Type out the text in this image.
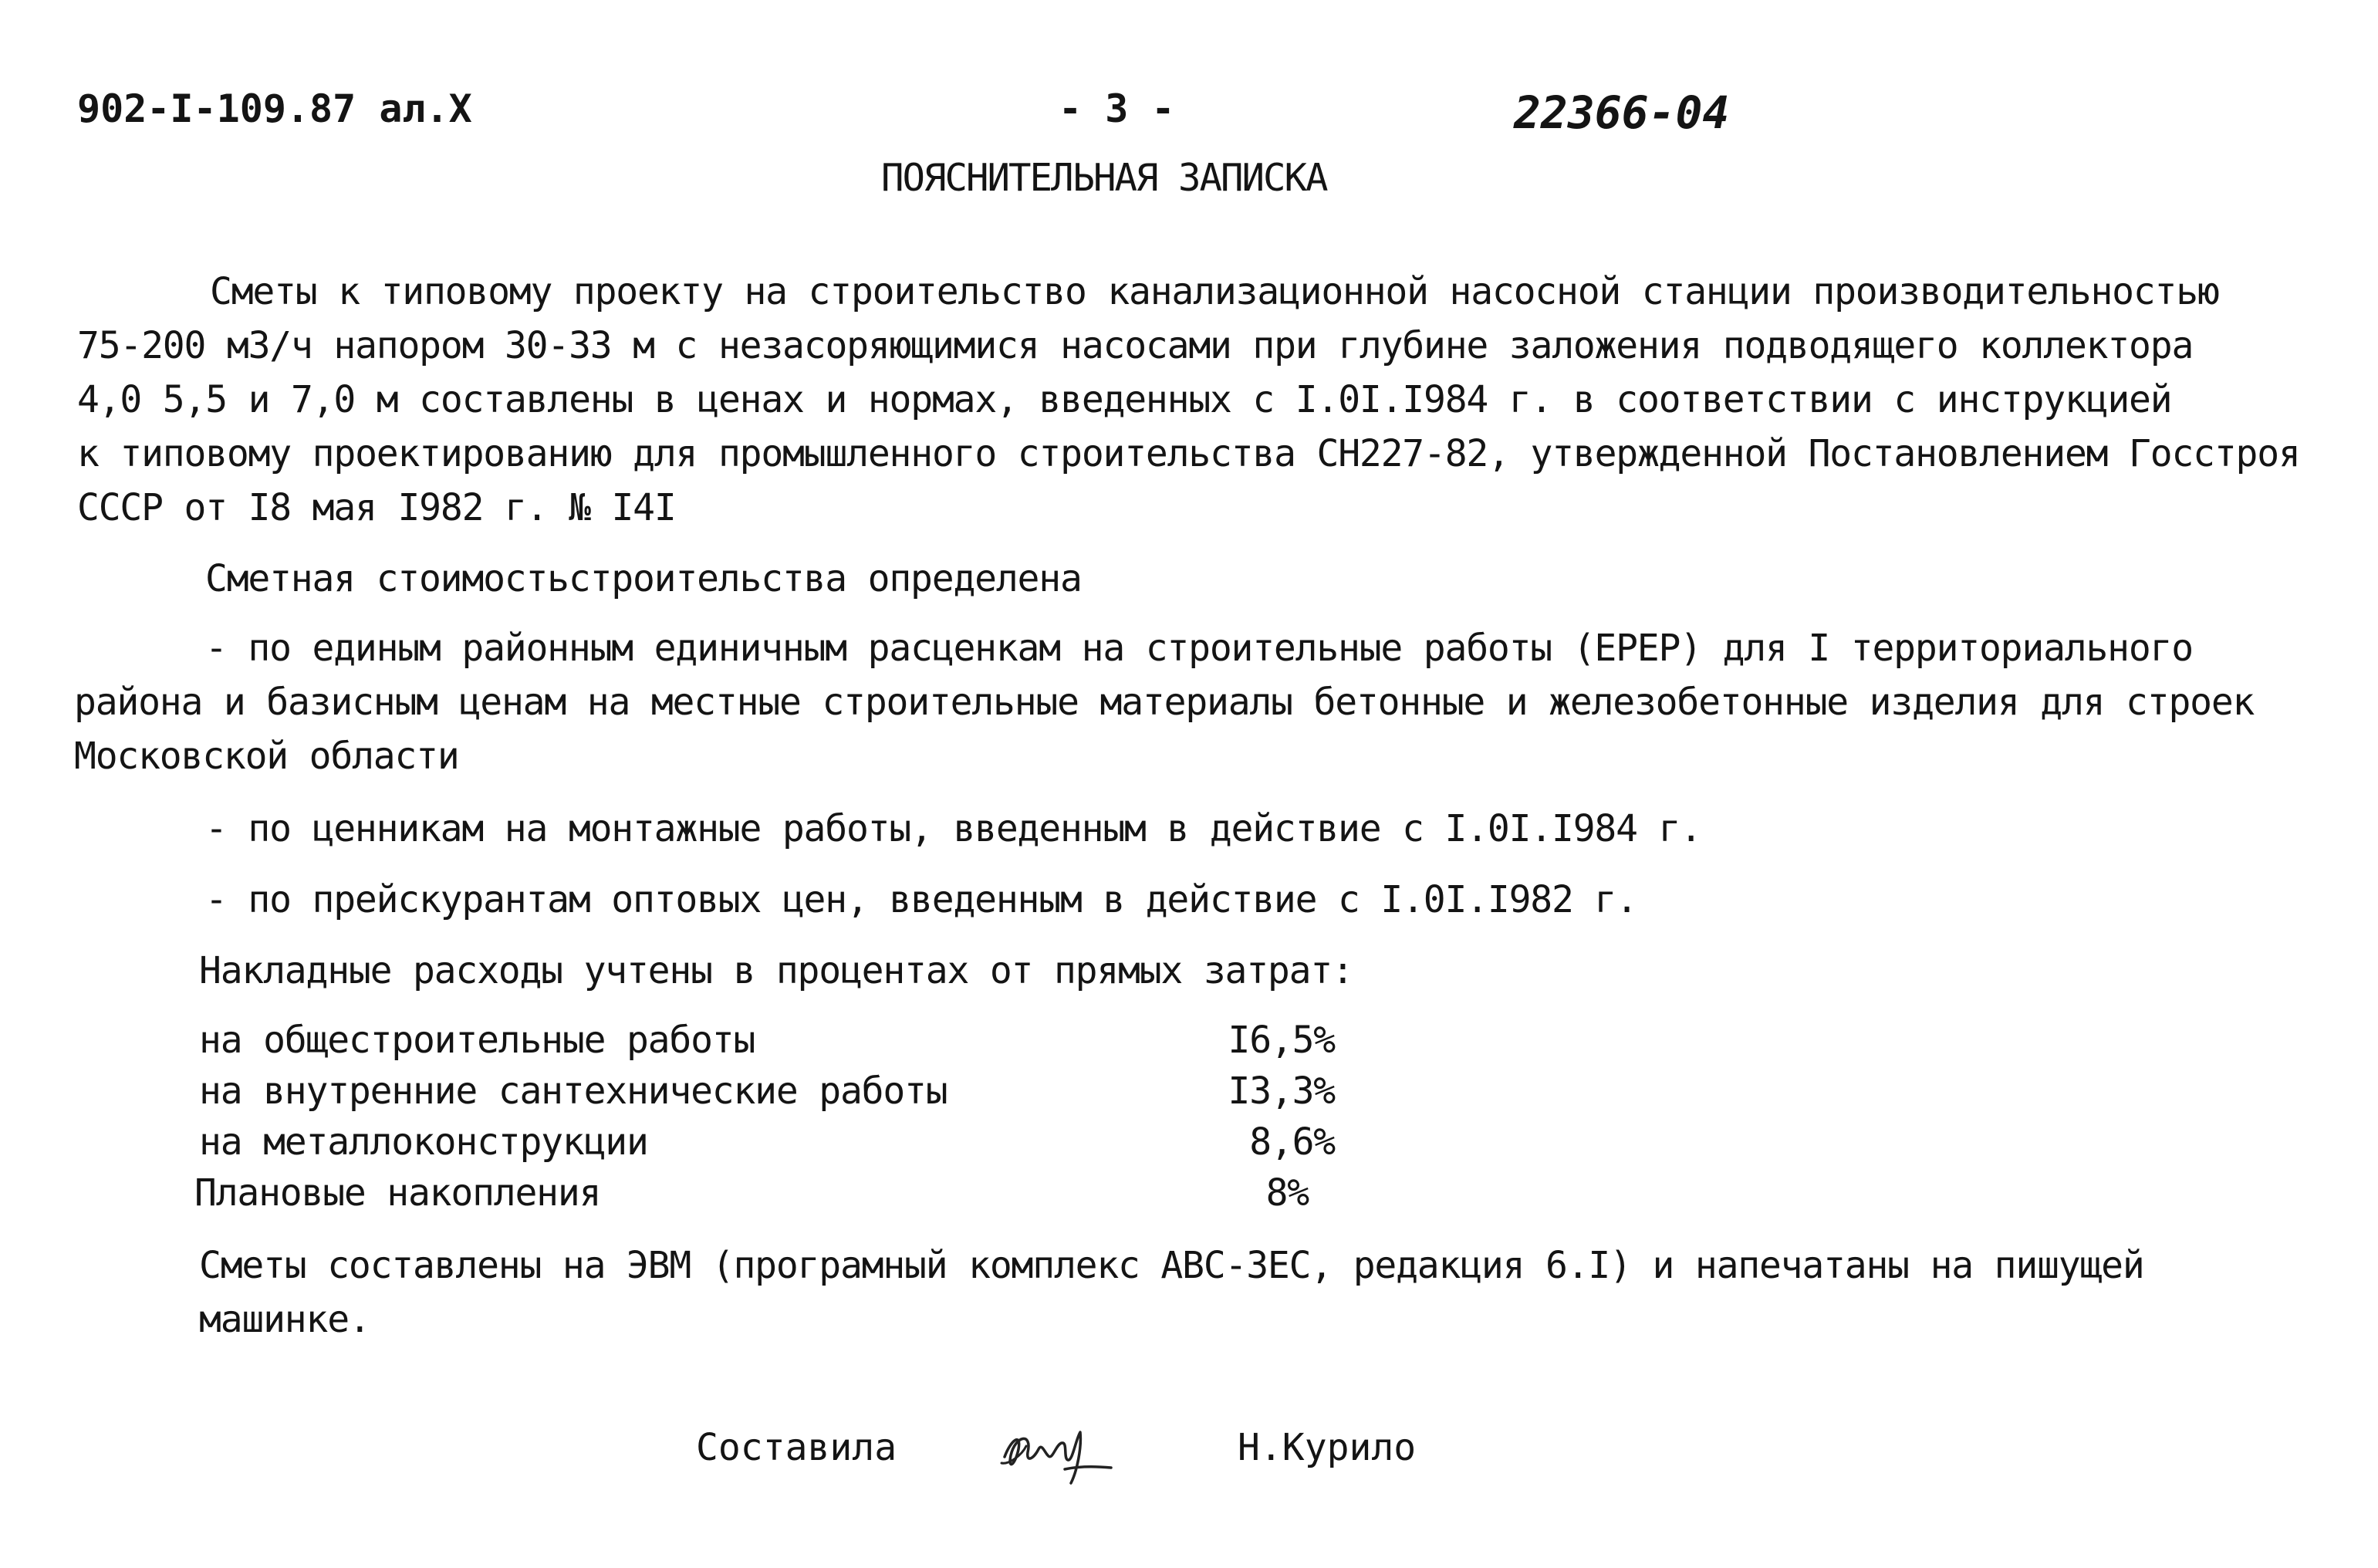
902-I-109.87 ал.X	- 3 -	22366-04
ПОЯСНИТЕЛЬНАЯ ЗАПИСКА
Сметы к типовому проекту на строительство канализационной насосной станции производительностью
75-200 м3/ч напором 30-33 м с незасоряющимися насосами при глубине заложения подводящего коллектора
4,0 5,5 и 7,0 м составлены в ценах и нормах, введенных с I.0I.I984 г. в соответствии с инструкцией
к типовому проектированию для промышленного строительства СН227-82, утвержденной Постановлением Госстроя
СССР от I8 мая I982 г. № I4I
Сметная стоимостьстроительства определена
- по единым районным единичным расценкам на строительные работы (ЕРЕР) для I территориального
района и базисным ценам на местные строительные материалы бетонные и железобетонные изделия для строек
Московской области
- по ценникам на монтажные работы, введенным в действие с I.0I.I984 г.
- по прейскурантам оптовых цен, введенным в действие с I.0I.I982 г.
Накладные расходы учтены в процентах от прямых затрат:
на общестроительные работы	I6,5%
на внутренние сантехнические работы	I3,3%
на металлоконструкции	8,6%
Плановые накопления	8%
Сметы составлены на ЭВМ (програмный комплекс АВС-ЗЕС, редакция 6.I) и напечатаны на пишущей
машинке.
Составила	Н.Курило
